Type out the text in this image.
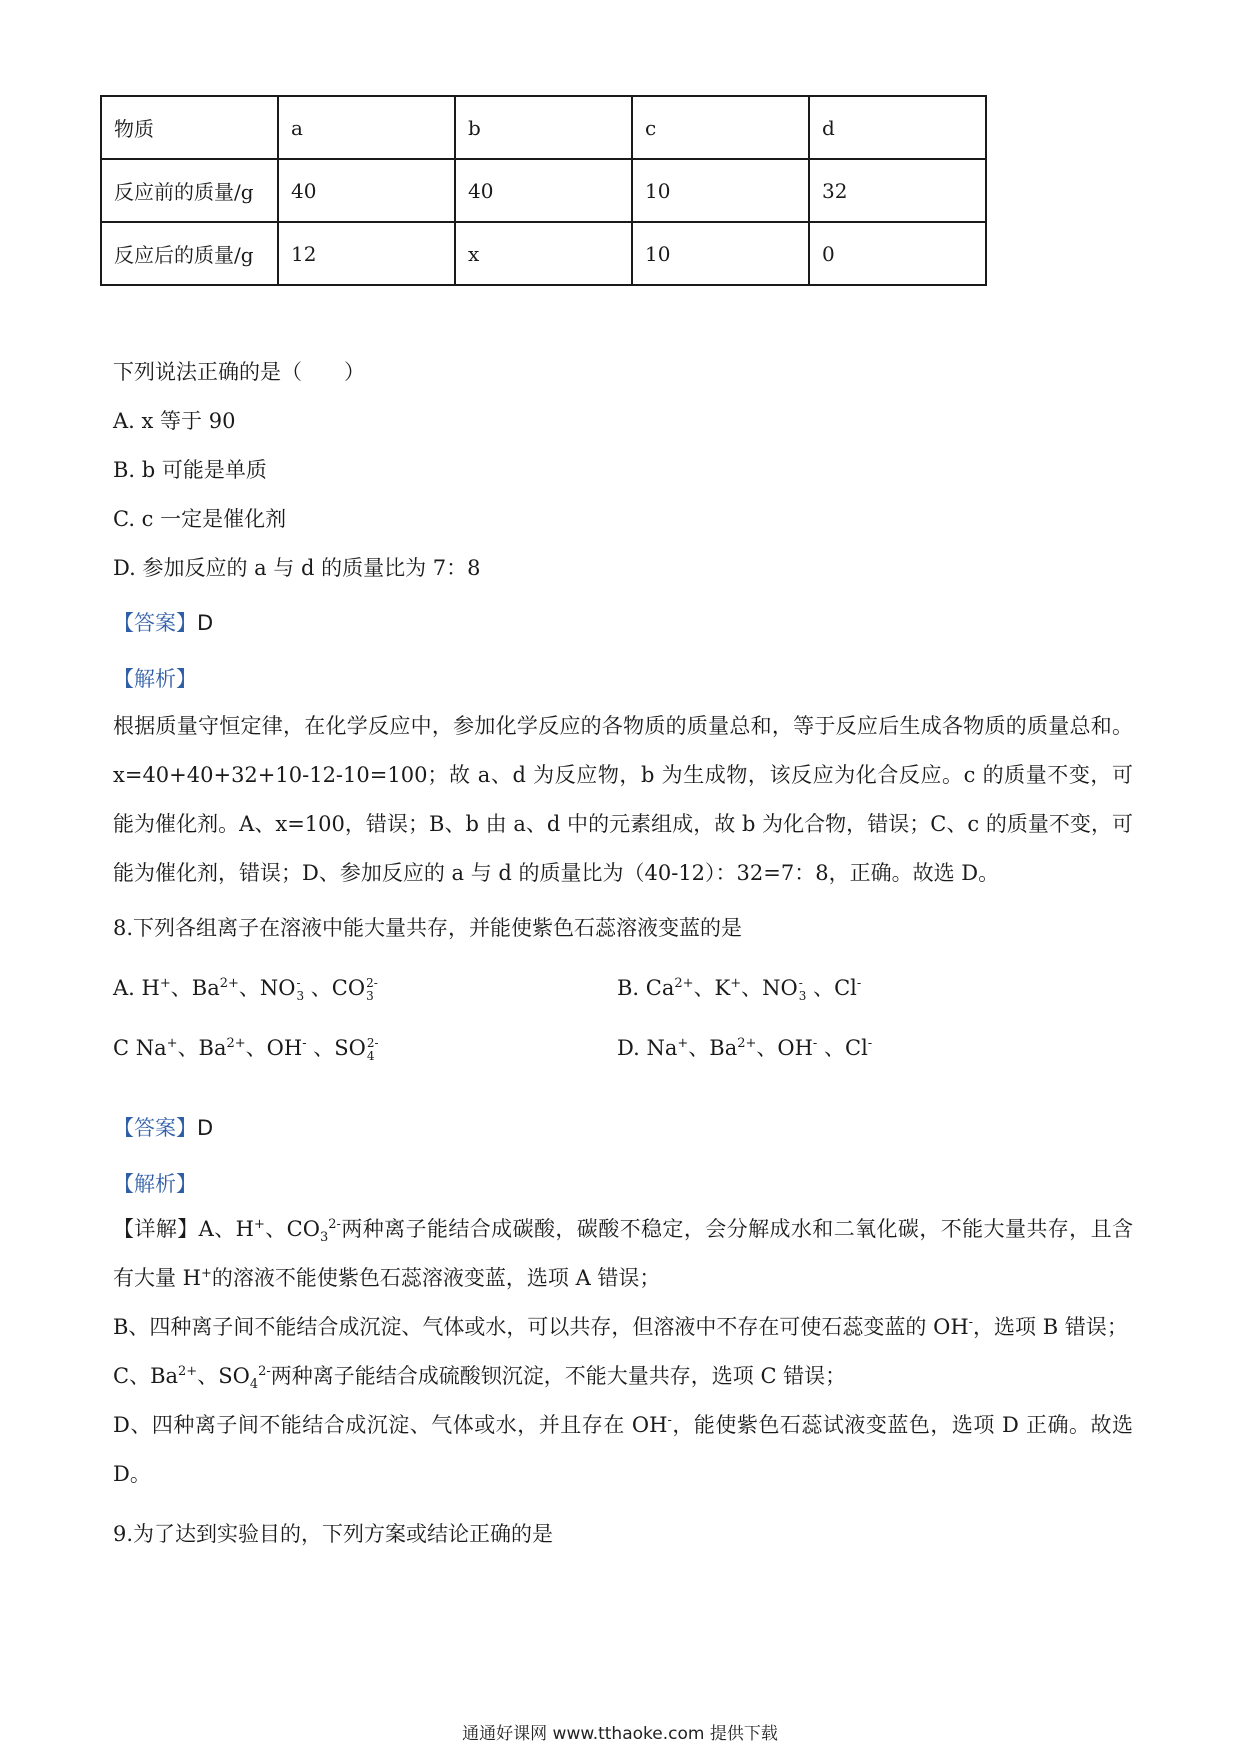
物质	a	b	c	d
反应前的质量/g	40	40	10	32
反应后的质量/g	12	x	10	0
下列说法正确的是（　　）
A. x 等于 90
B. b 可能是单质
C. c 一定是催化剂
D. 参加反应的 a 与 d 的质量比为 7：8
【答案】D
【解析】
根据质量守恒定律，在化学反应中，参加化学反应的各物质的质量总和，等于反应后生成各物质的质量总和。x=40+40+32+10-12-10=100；故 a、d 为反应物，b 为生成物，该反应为化合反应。c 的质量不变，可能为催化剂。A、x=100，错误；B、b 由 a、d 中的元素组成，故 b 为化合物，错误；C、c 的质量不变，可能为催化剂，错误；D、参加反应的 a 与 d 的质量比为（40-12）：32=7：8，正确。故选 D。
8.下列各组离子在溶液中能大量共存，并能使紫色石蕊溶液变蓝的是
A. H+、$Ba^{2+}$、NO -
3 、CO 2-
3	B. $Ca^{2+}$、K+、NO -
3 、Cl-
C Na+、$Ba^{2+}$、OH- 、SO 2-
4	D. Na+、$Ba^{2+}$、OH- 、Cl-
【答案】D
【解析】
【详解】A、H+、$CO_3^{2-}$两种离子能结合成碳酸，碳酸不稳定，会分解成水和二氧化碳，不能大量共存，且含有大量 H+的溶液不能使紫色石蕊溶液变蓝，选项 A 错误；
B、四种离子间不能结合成沉淀、气体或水，可以共存，但溶液中不存在可使石蕊变蓝的 OH-，选项 B 错误；
C、$Ba^{2+}$、$SO_4^{2-}$两种离子能结合成硫酸钡沉淀，不能大量共存，选项 C 错误；
D、四种离子间不能结合成沉淀、气体或水，并且存在 OH-，能使紫色石蕊试液变蓝色，选项 D 正确。故选 D。
9.为了达到实验目的，下列方案或结论正确的是
通通好课网 www.tthaoke.com 提供下载
